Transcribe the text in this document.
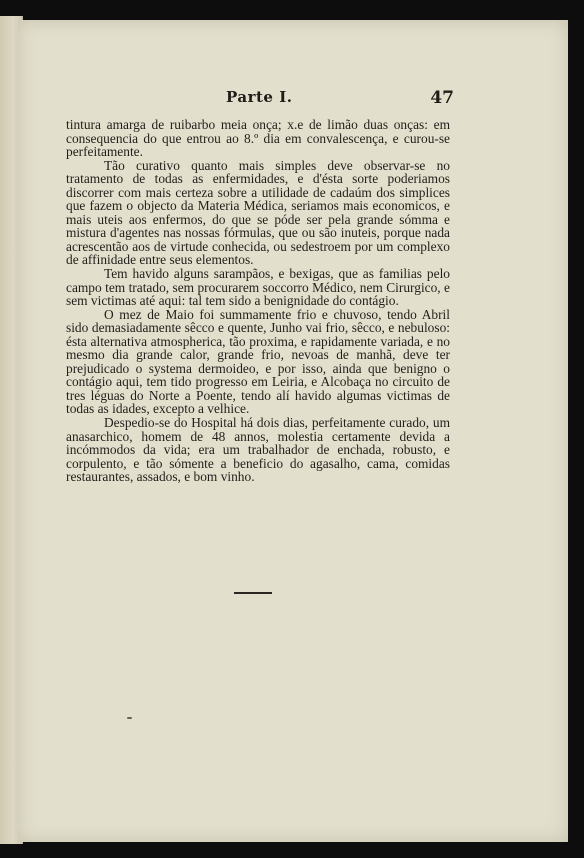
Parte I.	47

tintura amarga de ruibarbo meia onça; x.e de limão duas onças: em consequencia do que entrou ao 8.º dia em convalescença, e curou-se perfeitamente.

Tão curativo quanto mais simples deve observar-se no tratamento de todas as enfermidades, e d'ésta sorte poderiamos discorrer com mais certeza sobre a utilidade de cadaúm dos simplices que fazem o objecto da Materia Médica, seriamos mais economicos, e mais uteis aos enfermos, do que se póde ser pela grande sómma e mistura d'agentes nas nossas fórmulas, que ou são inuteis, porque nada acrescentão aos de virtude conhecida, ou sedestroem por um complexo de affinidade entre seus elementos.

Tem havido alguns sarampãos, e bexigas, que as familias pelo campo tem tratado, sem procurarem soccorro Médico, nem Cirurgico, e sem victimas até aqui: tal tem sido a benignidade do contágio.

O mez de Maio foi summamente frio e chuvoso, tendo Abril sido demasiadamente sêcco e quente, Junho vai frio, sêcco, e nebuloso: ésta alternativa atmospherica, tão proxima, e rapidamente variada, e no mesmo dia grande calor, grande frio, nevoas de manhã, deve ter prejudicado o systema dermoideo, e por isso, ainda que benigno o contágio aqui, tem tido progresso em Leiria, e Alcobaça no circuito de tres léguas do Norte a Poente, tendo alí havido algumas victimas de todas as idades, excepto a velhice.

Despedio-se do Hospital há dois dias, perfeitamente curado, um anasarchico, homem de 48 annos, molestia certamente devida a incómmodos da vida; era um trabalhador de enchada, robusto, e corpulento, e tão sómente a beneficio do agasalho, cama, comidas restaurantes, assados, e bom vinho.
